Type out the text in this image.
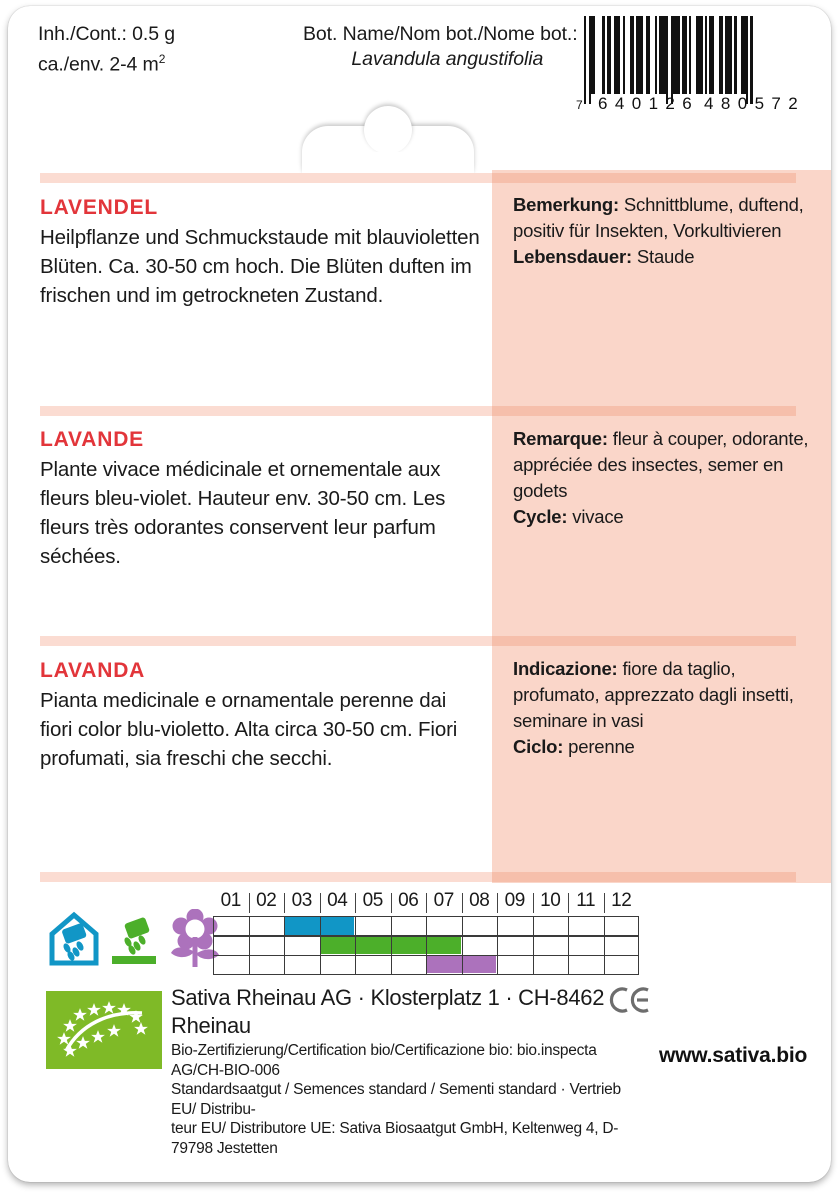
Inh./Cont.: 0.5 g
ca./env. 2-4 $m^2$
Bot. Name/Nom bot./Nome bot.:
Lavandula angustifolia
7 640126 480572

LAVENDEL

Heilpflanze und Schmuckstaude mit blauvioletten Blüten. Ca. 30-50 cm hoch. Die Blüten duften im frischen und im getrockneten Zustand.

Bemerkung: Schnittblume, duftend, positiv für Insekten, Vorkultivieren
Lebensdauer: Staude

LAVANDE

Plante vivace médicinale et ornementale aux fleurs bleu-violet. Hauteur env. 30-50 cm. Les fleurs très odorantes conservent leur parfum séchées.

Remarque: fleur à couper, odorante, appréciée des insectes, semer en godets
Cycle: vivace

LAVANDA

Pianta medicinale e ornamentale perenne dai fiori color blu-violetto. Alta circa 30-50 cm. Fiori profumati, sia freschi che secchi.

Indicazione: fiore da taglio, profumato, apprezzato dagli insetti, seminare in vasi
Ciclo: perenne
01 02 03 04 05 06 07 08 09 10 11 12

Sativa Rheinau AG · Klosterplatz 1 · CH-8462 Rheinau

Bio-Zertifizierung/Certification bio/Certificazione bio: bio.inspecta AG/CH-BIO-006

Standardsaatgut / Semences standard / Sementi standard · Vertrieb EU/ Distribu-

teur EU/ Distributore UE: Sativa Biosaatgut GmbH, Keltenweg 4, D-79798 Jestetten

www.sativa.bio
